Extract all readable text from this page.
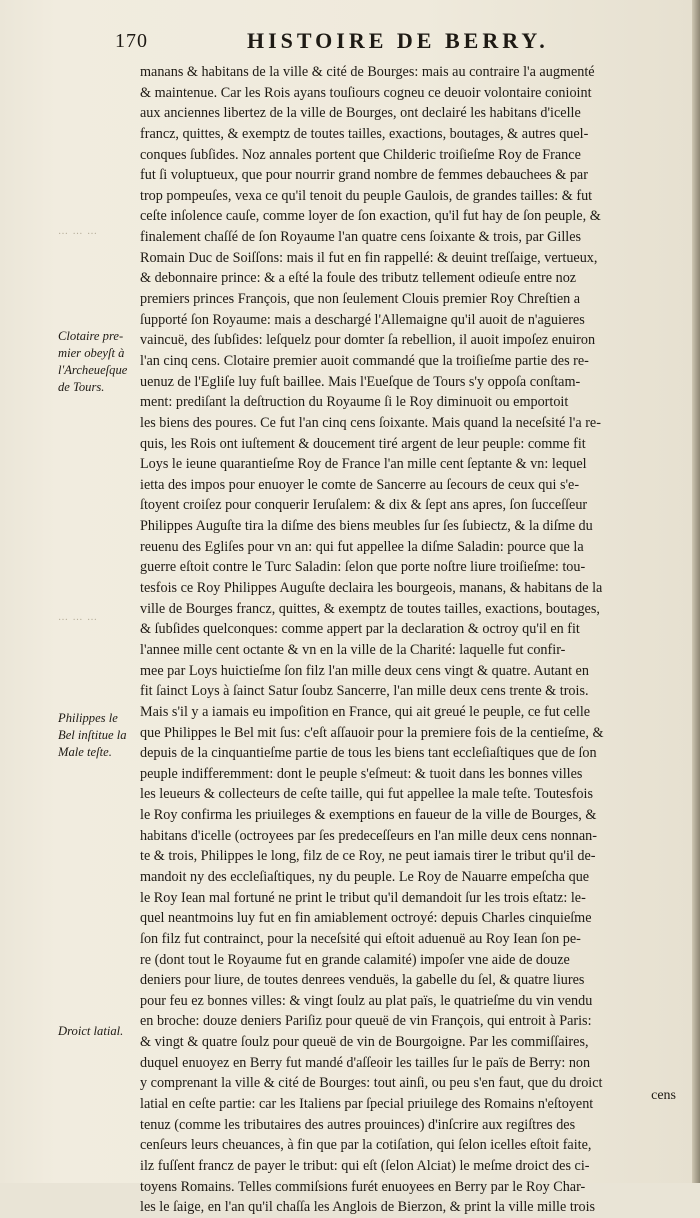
170	HISTOIRE DE BERRY.
manans & habitans de la ville & cité de Bourges: mais au contraire l'a augmenté
& maintenue. Car les Rois ayans touſiours cogneu ce deuoir volontaire conioint
aux anciennes libertez de la ville de Bourges, ont declairé les habitans d'icelle
francz, quittes, & exemptz de toutes tailles, exactions, boutages, & autres quel-
conques ſubſides. Noz annales portent que Childeric troiſieſme Roy de France
fut ſi voluptueux, que pour nourrir grand nombre de femmes debauchees & par
trop pompeuſes, vexa ce qu'il tenoit du peuple Gaulois, de grandes tailles: & fut
ceſte inſolence cauſe, comme loyer de ſon exaction, qu'il fut hay de ſon peuple, &
finalement chaſſé de ſon Royaume l'an quatre cens ſoixante & trois, par Gilles
Romain Duc de Soiſſons: mais il fut en fin rappellé: & deuint treſſaige, vertueux,
& debonnaire prince: & a eſté la foule des tributz tellement odieuſe entre noz
premiers princes François, que non ſeulement Clouis premier Roy Chreſtien a
ſupporté ſon Royaume: mais a deschargé l'Allemaigne qu'il auoit de n'aguieres
vaincuë, des ſubſides: leſquelz pour domter ſa rebellion, il auoit impoſez enuiron
l'an cinq cens. Clotaire premier auoit commandé que la troiſieſme partie des re-
uenuz de l'Egliſe luy fuſt baillee. Mais l'Eueſque de Tours s'y oppoſa conſtam-
ment: prediſant la deſtruction du Royaume ſi le Roy diminuoit ou emportoit
les biens des poures. Ce fut l'an cinq cens ſoixante. Mais quand la neceſsité l'a re-
quis, les Rois ont iuſtement & doucement tiré argent de leur peuple: comme fit
Loys le ieune quarantieſme Roy de France l'an mille cent ſeptante & vn: lequel
ietta des impos pour enuoyer le comte de Sancerre au ſecours de ceux qui s'e-
ſtoyent croiſez pour conquerir Ieruſalem: & dix & ſept ans apres, ſon ſucceſſeur
Philippes Auguſte tira la diſme des biens meubles ſur ſes ſubiectz, & la diſme du
reuenu des Egliſes pour vn an: qui fut appellee la diſme Saladin: pource que la
guerre eſtoit contre le Turc Saladin: ſelon que porte noſtre liure troiſieſme: tou-
tesfois ce Roy Philippes Auguſte declaira les bourgeois, manans, & habitans de la
ville de Bourges francz, quittes, & exemptz de toutes tailles, exactions, boutages,
& ſubſides quelconques: comme appert par la declaration & octroy qu'il en fit
l'annee mille cent octante & vn en la ville de la Charité: laquelle fut confir-
mee par Loys huictieſme ſon filz l'an mille deux cens vingt & quatre. Autant en
fit ſainct Loys à ſainct Satur ſoubz Sancerre, l'an mille deux cens trente & trois.
Mais s'il y a iamais eu impoſition en France, qui ait greué le peuple, ce fut celle
que Philippes le Bel mit ſus: c'eſt aſſauoir pour la premiere fois de la centieſme, &
depuis de la cinquantieſme partie de tous les biens tant eccleſiaſtiques que de ſon
peuple indifferemment: dont le peuple s'eſmeut: & tuoit dans les bonnes villes
les leueurs & collecteurs de ceſte taille, qui fut appellee la male teſte. Toutesfois
le Roy confirma les priuileges & exemptions en faueur de la ville de Bourges, &
habitans d'icelle (octroyees par ſes predeceſſeurs en l'an mille deux cens nonnan-
te & trois, Philippes le long, filz de ce Roy, ne peut iamais tirer le tribut qu'il de-
mandoit ny des eccleſiaſtiques, ny du peuple. Le Roy de Nauarre empeſcha que
le Roy Iean mal fortuné ne print le tribut qu'il demandoit ſur les trois eſtatz: le-
quel neantmoins luy fut en fin amiablement octroyé: depuis Charles cinquieſme
ſon filz fut contrainct, pour la neceſsité qui eſtoit aduenuë au Roy Iean ſon pe-
re (dont tout le Royaume fut en grande calamité) impoſer vne aide de douze
deniers pour liure, de toutes denrees venduës, la gabelle du ſel, & quatre liures
pour feu ez bonnes villes: & vingt ſoulz au plat païs, le quatrieſme du vin vendu
en broche: douze deniers Pariſiz pour queuë de vin François, qui entroit à Paris:
& vingt & quatre ſoulz pour queuë de vin de Bourgoigne. Par les commiſſaires,
duquel enuoyez en Berry fut mandé d'aſſeoir les tailles ſur le païs de Berry: non
y comprenant la ville & cité de Bourges: tout ainſi, ou peu s'en faut, que du droict
latial en ceſte partie: car les Italiens par ſpecial priuilege des Romains n'eſtoyent
tenuz (comme les tributaires des autres prouinces) d'inſcrire aux regiſtres des
cenſeurs leurs cheuances, à fin que par la cotiſation, qui ſelon icelles eſtoit faite,
ilz fuſſent francz de payer le tribut: qui eſt (ſelon Alciat) le meſme droict des ci-
toyens Romains. Telles commiſsions furét enuoyees en Berry par le Roy Char-
les le ſaige, en l'an qu'il chaſſa les Anglois de Bierzon, & print la ville mille trois
… … …
… … …
Clotaire pre-
mier obeyſt à
l'Archeueſque
de Tours.
Philippes le
Bel inſtitue la
Male teſte.
Droict latial.
cens
